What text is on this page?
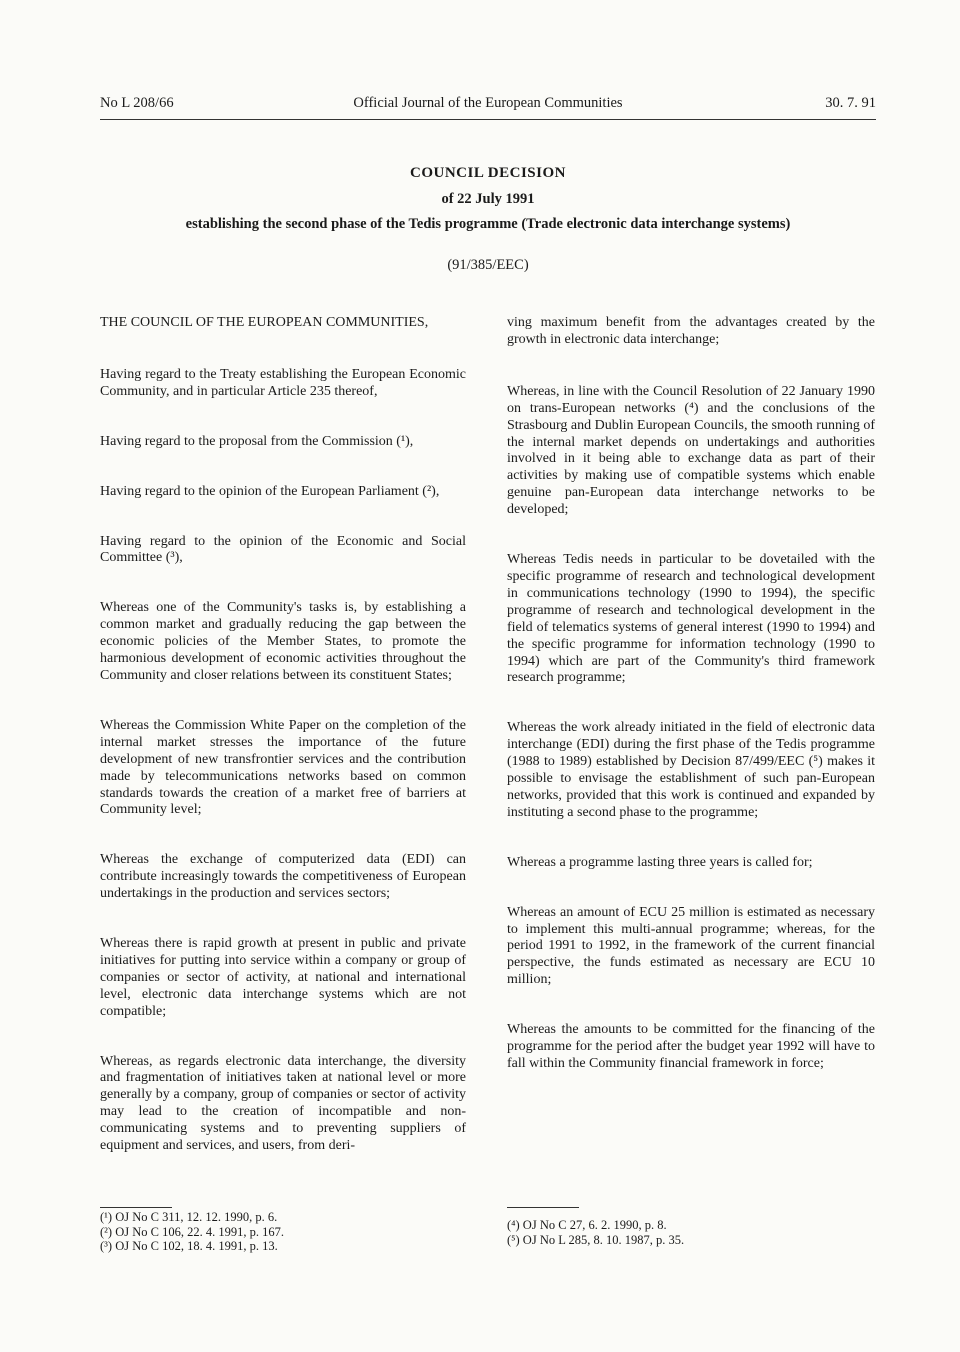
No L 208/66	Official Journal of the European Communities	30. 7. 91
COUNCIL DECISION
of 22 July 1991
establishing the second phase of the Tedis programme (Trade electronic data interchange systems)
(91/385/EEC)

THE COUNCIL OF THE EUROPEAN COMMUNITIES,

Having regard to the Treaty establishing the European Economic Community, and in particular Article 235 thereof,

Having regard to the proposal from the Commission (¹),

Having regard to the opinion of the European Parliament (²),

Having regard to the opinion of the Economic and Social Committee (³),

Whereas one of the Community's tasks is, by establishing a common market and gradually reducing the gap between the economic policies of the Member States, to promote the harmonious development of economic activities throughout the Community and closer relations between its constituent States;

Whereas the Commission White Paper on the completion of the internal market stresses the importance of the future development of new transfrontier services and the contribution made by telecommunications networks based on common standards towards the creation of a market free of barriers at Community level;

Whereas the exchange of computerized data (EDI) can contribute increasingly towards the competitiveness of European undertakings in the production and services sectors;

Whereas there is rapid growth at present in public and private initiatives for putting into service within a company or group of companies or sector of activity, at national and international level, electronic data interchange systems which are not compatible;

Whereas, as regards electronic data interchange, the diversity and fragmentation of initiatives taken at national level or more generally by a company, group of companies or sector of activity may lead to the creation of incompatible and non-communicating systems and to preventing suppliers of equipment and services, and users, from deri-

ving maximum benefit from the advantages created by the growth in electronic data interchange;

Whereas, in line with the Council Resolution of 22 January 1990 on trans-European networks (⁴) and the conclusions of the Strasbourg and Dublin European Councils, the smooth running of the internal market depends on undertakings and authorities involved in it being able to exchange data as part of their activities by making use of compatible systems which enable genuine pan-European data interchange networks to be developed;

Whereas Tedis needs in particular to be dovetailed with the specific programme of research and technological development in communications technology (1990 to 1994), the specific programme of research and technological development in the field of telematics systems of general interest (1990 to 1994) and the specific programme for information technology (1990 to 1994) which are part of the Community's third framework research programme;

Whereas the work already initiated in the field of electronic data interchange (EDI) during the first phase of the Tedis programme (1988 to 1989) established by Decision 87/499/EEC (⁵) makes it possible to envisage the establishment of such pan-European networks, provided that this work is continued and expanded by instituting a second phase to the programme;

Whereas a programme lasting three years is called for;

Whereas an amount of ECU 25 million is estimated as necessary to implement this multi-annual programme; whereas, for the period 1991 to 1992, in the framework of the current financial perspective, the funds estimated as necessary are ECU 10 million;

Whereas the amounts to be committed for the financing of the programme for the period after the budget year 1992 will have to fall within the Community financial framework in force;

(¹) OJ No C 311, 12. 12. 1990, p. 6.
(²) OJ No C 106, 22. 4. 1991, p. 167.
(³) OJ No C 102, 18. 4. 1991, p. 13.
(⁴) OJ No C 27, 6. 2. 1990, p. 8.
(⁵) OJ No L 285, 8. 10. 1987, p. 35.
